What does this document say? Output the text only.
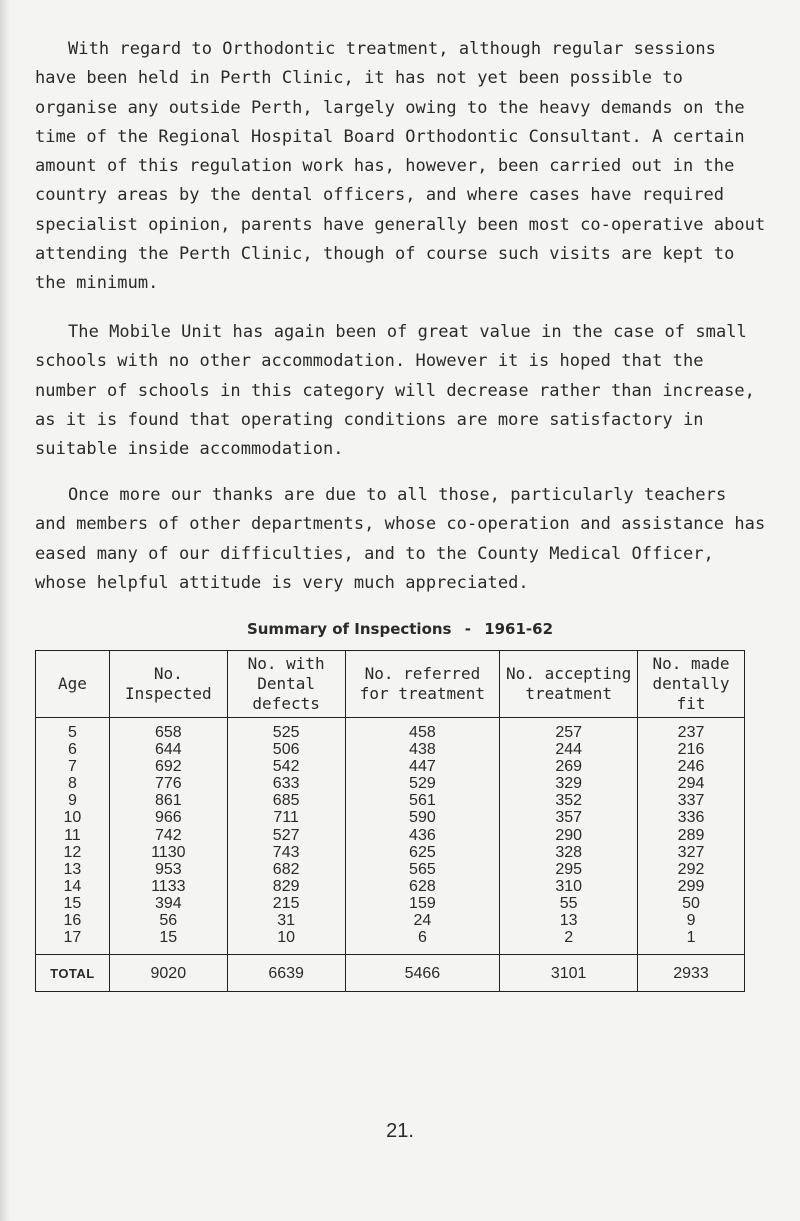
With regard to Orthodontic treatment, although regular sessions
have been held in Perth Clinic, it has not yet been possible to
organise any outside Perth, largely owing to the heavy demands on the
time of the Regional Hospital Board Orthodontic Consultant. A certain
amount of this regulation work has, however, been carried out in the
country areas by the dental officers, and where cases have required
specialist opinion, parents have generally been most co-operative about
attending the Perth Clinic, though of course such visits are kept to
the minimum.
The Mobile Unit has again been of great value in the case of small
schools with no other accommodation. However it is hoped that the
number of schools in this category will decrease rather than increase,
as it is found that operating conditions are more satisfactory in
suitable inside accommodation.
Once more our thanks are due to all those, particularly teachers
and members of other departments, whose co-operation and assistance has
eased many of our difficulties, and to the County Medical Officer,
whose helpful attitude is very much appreciated.
Summary of Inspections - 1961-62
Age	No. Inspected	No. with Dental defects	No. referred for treatment	No. accepting treatment	No. made dentally fit
5	658	525	458	257	237
6	644	506	438	244	216
7	692	542	447	269	246
8	776	633	529	329	294
9	861	685	561	352	337
10	966	711	590	357	336
11	742	527	436	290	289
12	1130	743	625	328	327
13	953	682	565	295	292
14	1133	829	628	310	299
15	394	215	159	55	50
16	56	31	24	13	9
17	15	10	6	2	1
TOTAL	9020	6639	5466	3101	2933
21.
